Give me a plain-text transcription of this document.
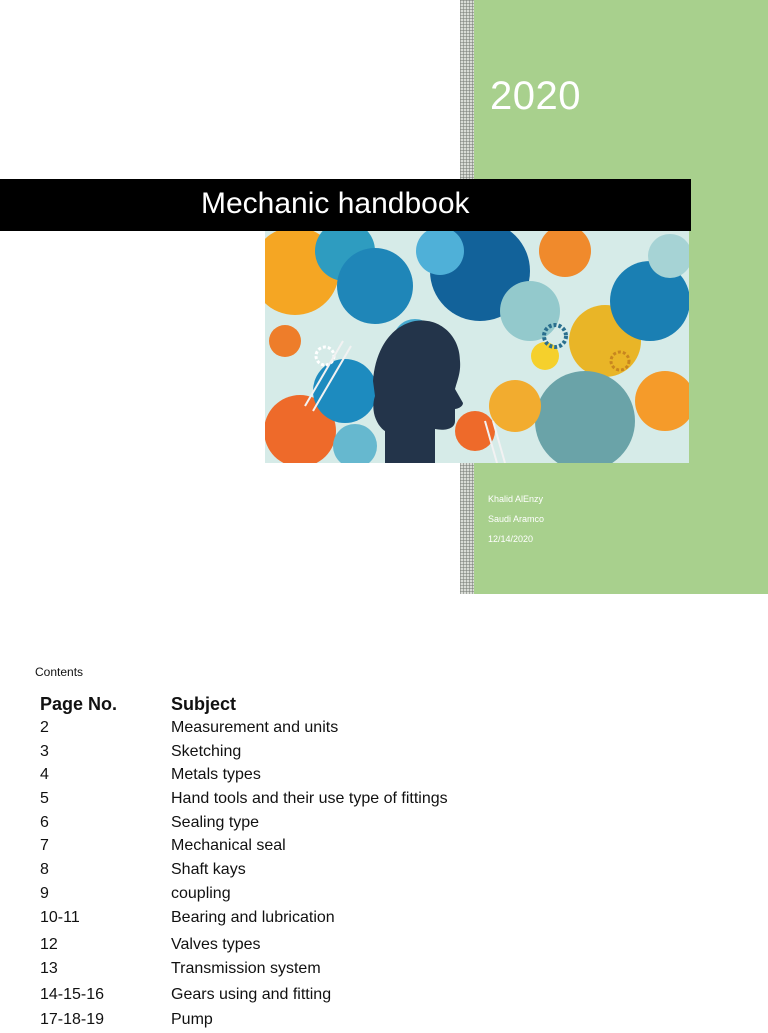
2020
Khalid AlEnzy
Saudi Aramco
12/14/2020
Mechanic handbook
Contents
Page No.	Subject
2	Measurement and units
3	Sketching
4	Metals types
5	Hand tools and their use type of fittings
6	Sealing type
7	Mechanical seal
8	Shaft kays
9	coupling
10-11	Bearing and lubrication
12	Valves types
13	Transmission system
14-15-16	Gears using and fitting
17-18-19	Pump
